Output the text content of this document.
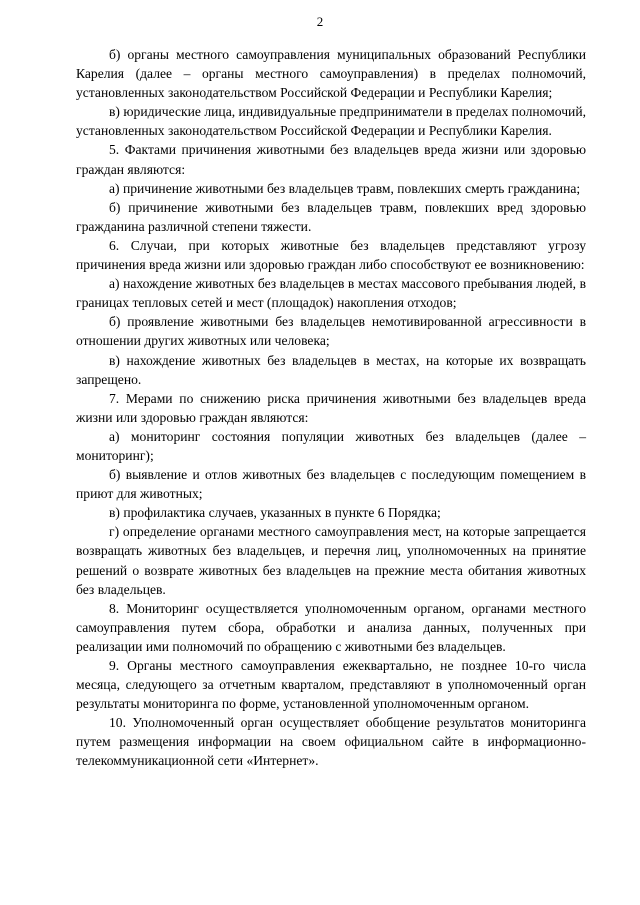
2

б) органы местного самоуправления муниципальных образований Республики Карелия (далее – органы местного самоуправления) в пределах полномочий, установленных законодательством Российской Федерации и Республики Карелия;

в) юридические лица, индивидуальные предприниматели в пределах полномочий, установленных законодательством Российской Федерации и Республики Карелия.

5. Фактами причинения животными без владельцев вреда жизни или здоровью граждан являются:

а) причинение животными без владельцев травм, повлекших смерть гражданина;

б) причинение животными без владельцев травм, повлекших вред здоровью гражданина различной степени тяжести.

6. Случаи, при которых животные без владельцев представляют угрозу причинения вреда жизни или здоровью граждан либо способствуют ее возникновению:

а) нахождение животных без владельцев в местах массового пребывания людей, в границах тепловых сетей и мест (площадок) накопления отходов;

б) проявление животными без владельцев немотивированной агрессивности в отношении других животных или человека;

в) нахождение животных без владельцев в местах, на которые их возвращать запрещено.

7. Мерами по снижению риска причинения животными без владельцев вреда жизни или здоровью граждан являются:

а) мониторинг состояния популяции животных без владельцев (далее – мониторинг);

б) выявление и отлов животных без владельцев с последующим помещением в приют для животных;

в) профилактика случаев, указанных в пункте 6 Порядка;

г) определение органами местного самоуправления мест, на которые запрещается возвращать животных без владельцев, и перечня лиц, уполномоченных на принятие решений о возврате животных без владельцев на прежние места обитания животных без владельцев.

8. Мониторинг осуществляется уполномоченным органом, органами местного самоуправления путем сбора, обработки и анализа данных, полученных при реализации ими полномочий по обращению с животными без владельцев.

9. Органы местного самоуправления ежеквартально, не позднее 10-го числа месяца, следующего за отчетным кварталом, представляют в уполномоченный орган результаты мониторинга по форме, установленной уполномоченным органом.

10. Уполномоченный орган осуществляет обобщение результатов мониторинга путем размещения информации на своем официальном сайте в информационно-телекоммуникационной сети «Интернет».
